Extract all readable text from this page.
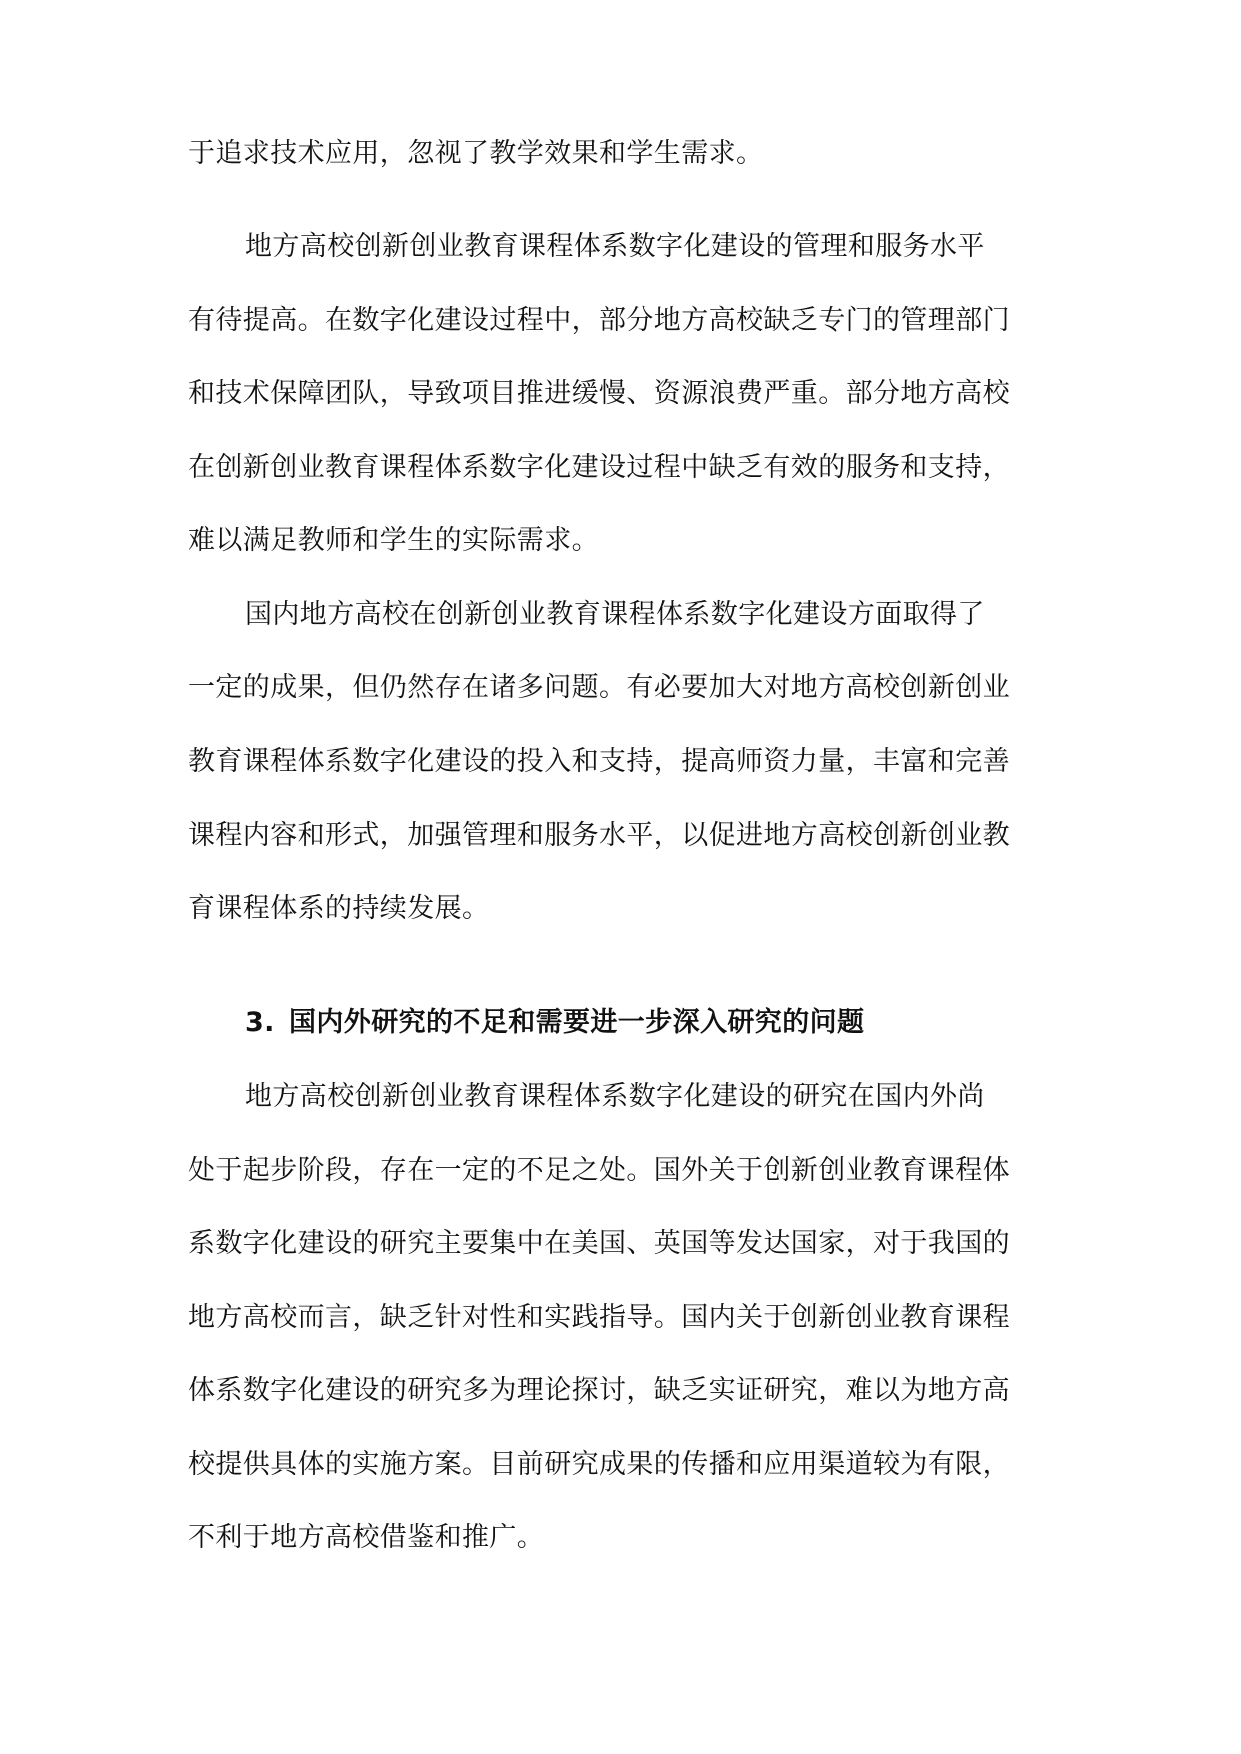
于追求技术应用，忽视了教学效果和学生需求。
地方高校创新创业教育课程体系数字化建设的管理和服务水平
有待提高。在数字化建设过程中，部分地方高校缺乏专门的管理部门
和技术保障团队，导致项目推进缓慢、资源浪费严重。部分地方高校
在创新创业教育课程体系数字化建设过程中缺乏有效的服务和支持，
难以满足教师和学生的实际需求。
国内地方高校在创新创业教育课程体系数字化建设方面取得了
一定的成果，但仍然存在诸多问题。有必要加大对地方高校创新创业
教育课程体系数字化建设的投入和支持，提高师资力量，丰富和完善
课程内容和形式，加强管理和服务水平，以促进地方高校创新创业教
育课程体系的持续发展。
3. 国内外研究的不足和需要进一步深入研究的问题
地方高校创新创业教育课程体系数字化建设的研究在国内外尚
处于起步阶段，存在一定的不足之处。国外关于创新创业教育课程体
系数字化建设的研究主要集中在美国、英国等发达国家，对于我国的
地方高校而言，缺乏针对性和实践指导。国内关于创新创业教育课程
体系数字化建设的研究多为理论探讨，缺乏实证研究，难以为地方高
校提供具体的实施方案。目前研究成果的传播和应用渠道较为有限，
不利于地方高校借鉴和推广。
